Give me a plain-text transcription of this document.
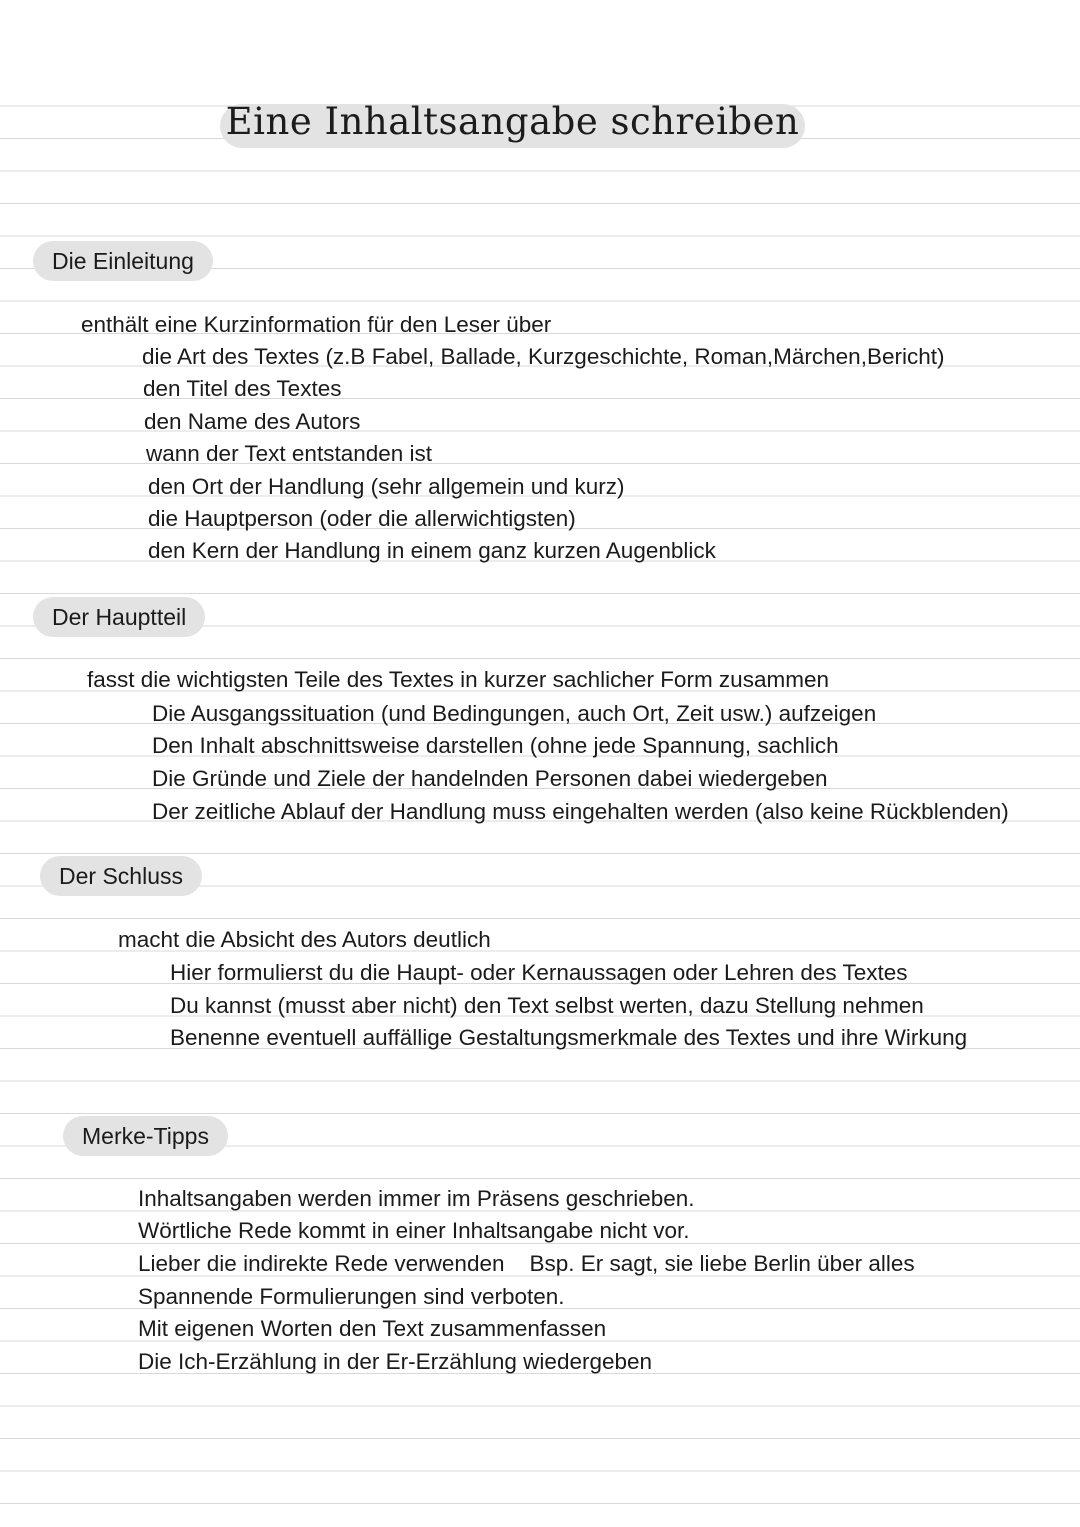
Eine Inhaltsangabe schreiben
Die Einleitung
enthält eine Kurzinformation für den Leser über
die Art des Textes (z.B Fabel, Ballade, Kurzgeschichte, Roman,Märchen,Bericht)
den Titel des Textes
den Name des Autors
wann der Text entstanden ist
den Ort der Handlung (sehr allgemein und kurz)
die Hauptperson (oder die allerwichtigsten)
den Kern der Handlung in einem ganz kurzen Augenblick
Der Hauptteil
fasst die wichtigsten Teile des Textes in kurzer sachlicher Form zusammen
Die Ausgangssituation (und Bedingungen, auch Ort, Zeit usw.) aufzeigen
Den Inhalt abschnittsweise darstellen (ohne jede Spannung, sachlich
Die Gründe und Ziele der handelnden Personen dabei wiedergeben
Der zeitliche Ablauf der Handlung muss eingehalten werden (also keine Rückblenden)
Der Schluss
macht die Absicht des Autors deutlich
Hier formulierst du die Haupt- oder Kernaussagen oder Lehren des Textes
Du kannst (musst aber nicht) den Text selbst werten, dazu Stellung nehmen
Benenne eventuell auffällige Gestaltungsmerkmale des Textes und ihre Wirkung
Merke-Tipps
Inhaltsangaben werden immer im Präsens geschrieben.
Wörtliche Rede kommt in einer Inhaltsangabe nicht vor.
Lieber die indirekte Rede verwenden    Bsp. Er sagt, sie liebe Berlin über alles
Spannende Formulierungen sind verboten.
Mit eigenen Worten den Text zusammenfassen
Die Ich-Erzählung in der Er-Erzählung wiedergeben
